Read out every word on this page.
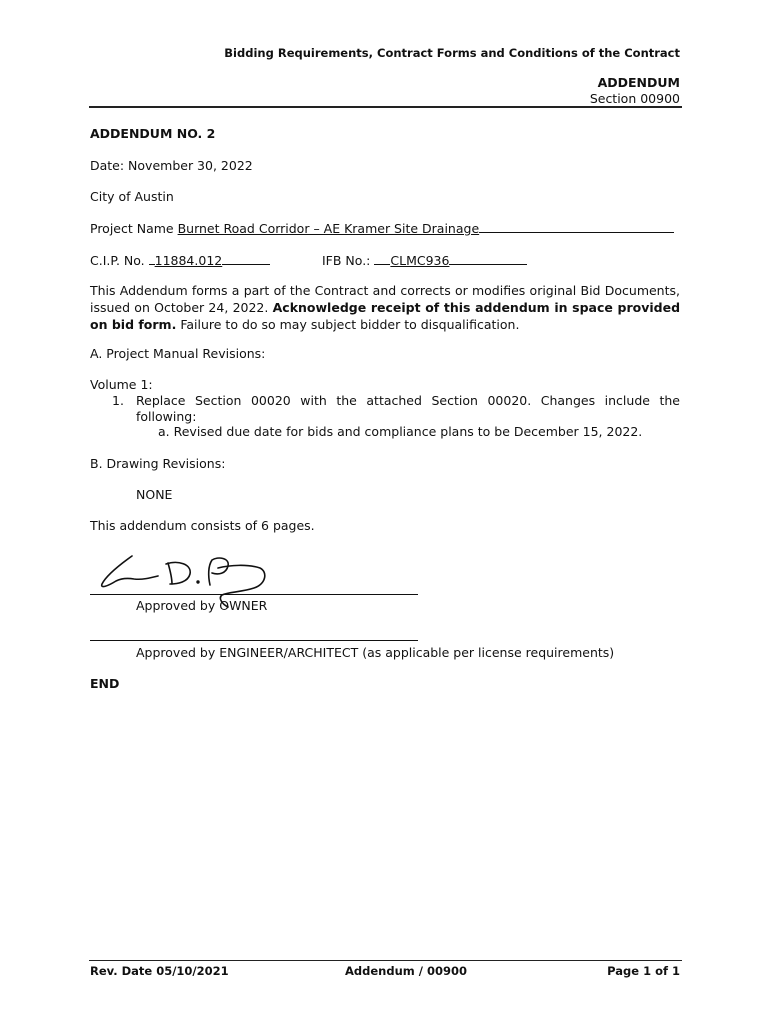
Bidding Requirements, Contract Forms and Conditions of the Contract
ADDENDUM
Section 00900
ADDENDUM NO. 2
Date: November 30, 2022
City of Austin
Project Name Burnet Road Corridor – AE Kramer Site Drainage
C.I.P. No. 11884.012	IFB No.: CLMC936
This Addendum forms a part of the Contract and corrects or modifies original Bid Documents, issued on October 24, 2022. Acknowledge receipt of this addendum in space provided on bid form. Failure to do so may subject bidder to disqualification.
A. Project Manual Revisions:
Volume 1:
1. Replace Section 00020 with the attached Section 00020. Changes include the following:
a. Revised due date for bids and compliance plans to be December 15, 2022.
B. Drawing Revisions:
NONE
This addendum consists of 6 pages.
Approved by OWNER
Approved by ENGINEER/ARCHITECT (as applicable per license requirements)
END
Rev. Date 05/10/2021	Addendum / 00900	Page 1 of 1
